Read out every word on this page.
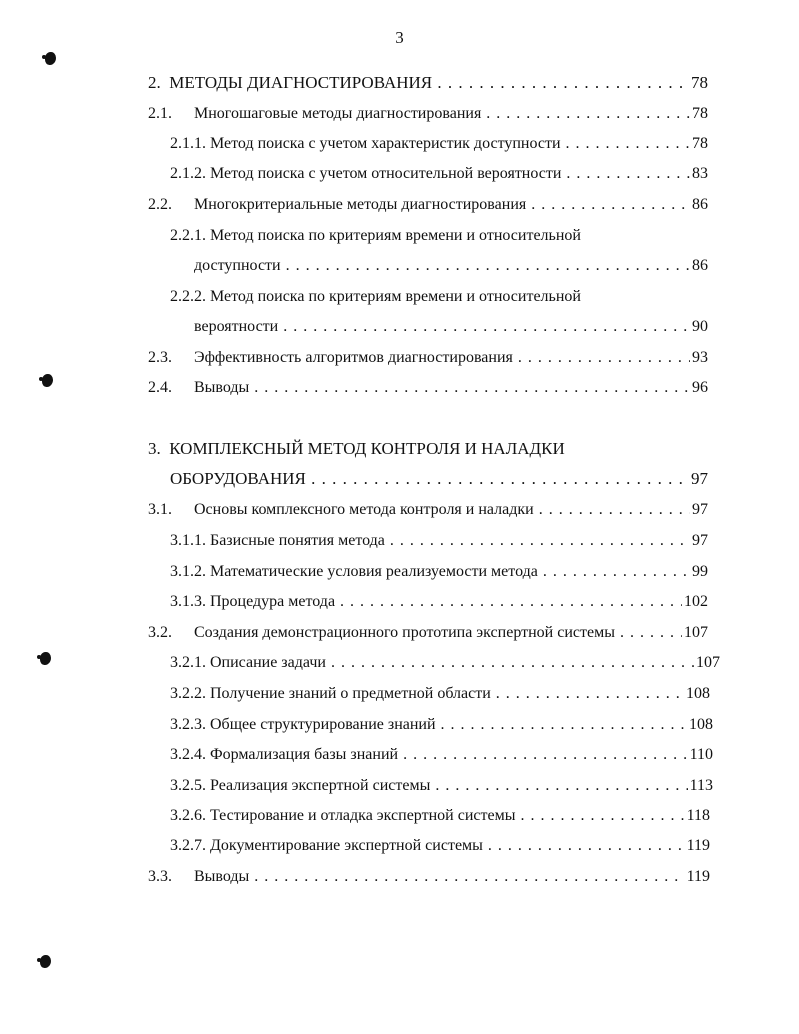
3
78
2. МЕТОДЫ ДИАГНОСТИРОВАНИЯ . . .
78
2.1. Многошаговые методы диагностирования . . .
78
2.1.1. Метод поиска с учетом характеристик доступности . . .
83
2.1.2. Метод поиска с учетом относительной вероятности . . .
86
2.2. Многокритериальные методы диагностирования . . .
2.2.1. Метод поиска по критериям времени и относительной
86
доступности . . .
2.2.2. Метод поиска по критериям времени и относительной
90
вероятности . . .
93
2.3. Эффективность алгоритмов диагностирования . . .
96
2.4. Выводы . . .
3. КОМПЛЕКСНЫЙ МЕТОД КОНТРОЛЯ И НАЛАДКИ
97
ОБОРУДОВАНИЯ . . .
97
3.1. Основы комплексного метода контроля и наладки . . .
97
3.1.1. Базисные понятия метода . . .
99
3.1.2. Математические условия реализуемости метода . . .
102
3.1.3. Процедура метода . . .
107
3.2. Создания демонстрационного прототипа экспертной системы . . .
107
3.2.1. Описание задачи . . .
108
3.2.2. Получение знаний о предметной области . . .
108
3.2.3. Общее структурирование знаний . . .
110
3.2.4. Формализация базы знаний . . .
113
3.2.5. Реализация экспертной системы . . .
118
3.2.6. Тестирование и отладка экспертной системы . . .
119
3.2.7. Документирование экспертной системы . . .
119
3.3. Выводы . . .
